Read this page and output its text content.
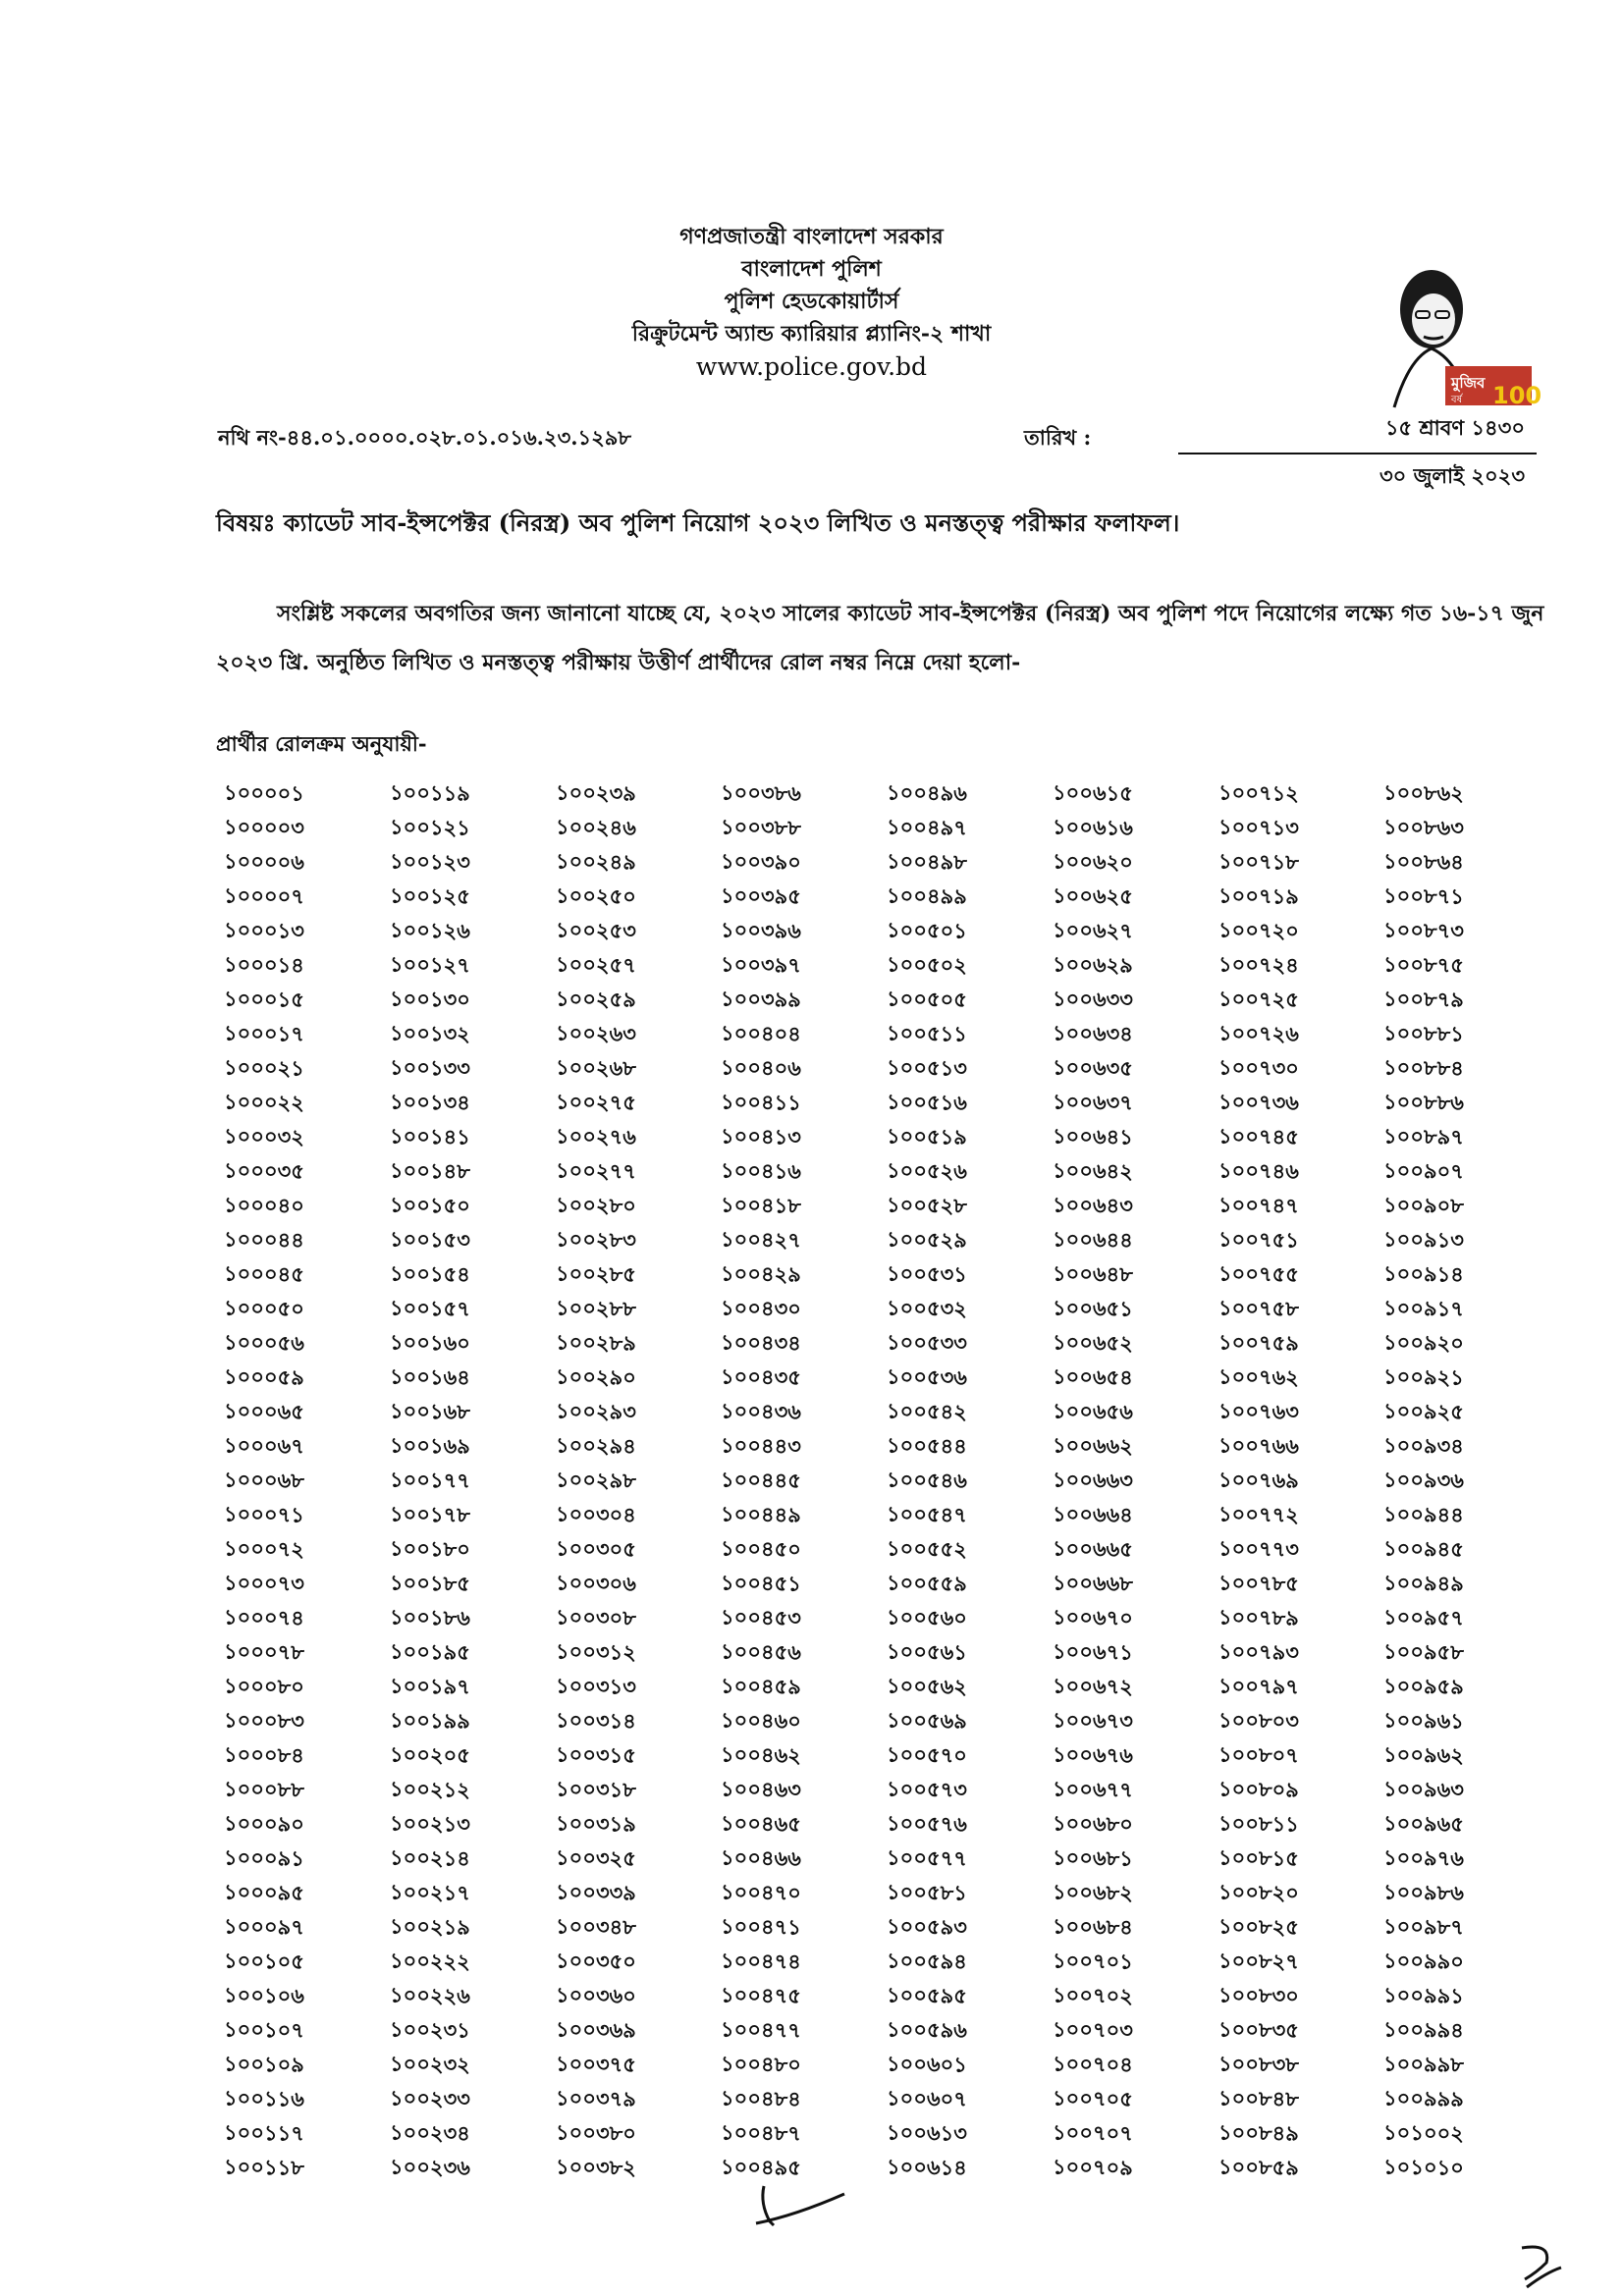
গণপ্রজাতন্ত্রী বাংলাদেশ সরকার
বাংলাদেশ পুলিশ
পুলিশ হেডকোয়ার্টার্স
রিক্রুটমেন্ট অ্যান্ড ক্যারিয়ার প্ল্যানিং-২ শাখা
www.police.gov.bd
মুজিব
বর্ষ 100
নথি নং-৪৪.০১.০০০০.০২৮.০১.০১৬.২৩.১২৯৮	তারিখ :	১৫ শ্রাবণ ১৪৩০
৩০ জুলাই ২০২৩
বিষয়ঃ ক্যাডেট সাব-ইন্সপেক্টর (নিরস্ত্র) অব পুলিশ নিয়োগ ২০২৩ লিখিত ও মনস্তত্ত্ব পরীক্ষার ফলাফল।
সংশ্লিষ্ট সকলের অবগতির জন্য জানানো যাচ্ছে যে, ২০২৩ সালের ক্যাডেট সাব-ইন্সপেক্টর (নিরস্ত্র) অব পুলিশ পদে নিয়োগের লক্ষ্যে গত ১৬-১৭ জুন
২০২৩ খ্রি. অনুষ্ঠিত লিখিত ও মনস্তত্ত্ব পরীক্ষায় উত্তীর্ণ প্রার্থীদের রোল নম্বর নিম্নে দেয়া হলো-
প্রার্থীর রোলক্রম অনুযায়ী-
১০০০০১	১০০১১৯	১০০২৩৯	১০০৩৮৬	১০০৪৯৬	১০০৬১৫	১০০৭১২	১০০৮৬২
১০০০০৩	১০০১২১	১০০২৪৬	১০০৩৮৮	১০০৪৯৭	১০০৬১৬	১০০৭১৩	১০০৮৬৩
১০০০০৬	১০০১২৩	১০০২৪৯	১০০৩৯০	১০০৪৯৮	১০০৬২০	১০০৭১৮	১০০৮৬৪
১০০০০৭	১০০১২৫	১০০২৫০	১০০৩৯৫	১০০৪৯৯	১০০৬২৫	১০০৭১৯	১০০৮৭১
১০০০১৩	১০০১২৬	১০০২৫৩	১০০৩৯৬	১০০৫০১	১০০৬২৭	১০০৭২০	১০০৮৭৩
১০০০১৪	১০০১২৭	১০০২৫৭	১০০৩৯৭	১০০৫০২	১০০৬২৯	১০০৭২৪	১০০৮৭৫
১০০০১৫	১০০১৩০	১০০২৫৯	১০০৩৯৯	১০০৫০৫	১০০৬৩৩	১০০৭২৫	১০০৮৭৯
১০০০১৭	১০০১৩২	১০০২৬৩	১০০৪০৪	১০০৫১১	১০০৬৩৪	১০০৭২৬	১০০৮৮১
১০০০২১	১০০১৩৩	১০০২৬৮	১০০৪০৬	১০০৫১৩	১০০৬৩৫	১০০৭৩০	১০০৮৮৪
১০০০২২	১০০১৩৪	১০০২৭৫	১০০৪১১	১০০৫১৬	১০০৬৩৭	১০০৭৩৬	১০০৮৮৬
১০০০৩২	১০০১৪১	১০০২৭৬	১০০৪১৩	১০০৫১৯	১০০৬৪১	১০০৭৪৫	১০০৮৯৭
১০০০৩৫	১০০১৪৮	১০০২৭৭	১০০৪১৬	১০০৫২৬	১০০৬৪২	১০০৭৪৬	১০০৯০৭
১০০০৪০	১০০১৫০	১০০২৮০	১০০৪১৮	১০০৫২৮	১০০৬৪৩	১০০৭৪৭	১০০৯০৮
১০০০৪৪	১০০১৫৩	১০০২৮৩	১০০৪২৭	১০০৫২৯	১০০৬৪৪	১০০৭৫১	১০০৯১৩
১০০০৪৫	১০০১৫৪	১০০২৮৫	১০০৪২৯	১০০৫৩১	১০০৬৪৮	১০০৭৫৫	১০০৯১৪
১০০০৫০	১০০১৫৭	১০০২৮৮	১০০৪৩০	১০০৫৩২	১০০৬৫১	১০০৭৫৮	১০০৯১৭
১০০০৫৬	১০০১৬০	১০০২৮৯	১০০৪৩৪	১০০৫৩৩	১০০৬৫২	১০০৭৫৯	১০০৯২০
১০০০৫৯	১০০১৬৪	১০০২৯০	১০০৪৩৫	১০০৫৩৬	১০০৬৫৪	১০০৭৬২	১০০৯২১
১০০০৬৫	১০০১৬৮	১০০২৯৩	১০০৪৩৬	১০০৫৪২	১০০৬৫৬	১০০৭৬৩	১০০৯২৫
১০০০৬৭	১০০১৬৯	১০০২৯৪	১০০৪৪৩	১০০৫৪৪	১০০৬৬২	১০০৭৬৬	১০০৯৩৪
১০০০৬৮	১০০১৭৭	১০০২৯৮	১০০৪৪৫	১০০৫৪৬	১০০৬৬৩	১০০৭৬৯	১০০৯৩৬
১০০০৭১	১০০১৭৮	১০০৩০৪	১০০৪৪৯	১০০৫৪৭	১০০৬৬৪	১০০৭৭২	১০০৯৪৪
১০০০৭২	১০০১৮০	১০০৩০৫	১০০৪৫০	১০০৫৫২	১০০৬৬৫	১০০৭৭৩	১০০৯৪৫
১০০০৭৩	১০০১৮৫	১০০৩০৬	১০০৪৫১	১০০৫৫৯	১০০৬৬৮	১০০৭৮৫	১০০৯৪৯
১০০০৭৪	১০০১৮৬	১০০৩০৮	১০০৪৫৩	১০০৫৬০	১০০৬৭০	১০০৭৮৯	১০০৯৫৭
১০০০৭৮	১০০১৯৫	১০০৩১২	১০০৪৫৬	১০০৫৬১	১০০৬৭১	১০০৭৯৩	১০০৯৫৮
১০০০৮০	১০০১৯৭	১০০৩১৩	১০০৪৫৯	১০০৫৬২	১০০৬৭২	১০০৭৯৭	১০০৯৫৯
১০০০৮৩	১০০১৯৯	১০০৩১৪	১০০৪৬০	১০০৫৬৯	১০০৬৭৩	১০০৮০৩	১০০৯৬১
১০০০৮৪	১০০২০৫	১০০৩১৫	১০০৪৬২	১০০৫৭০	১০০৬৭৬	১০০৮০৭	১০০৯৬২
১০০০৮৮	১০০২১২	১০০৩১৮	১০০৪৬৩	১০০৫৭৩	১০০৬৭৭	১০০৮০৯	১০০৯৬৩
১০০০৯০	১০০২১৩	১০০৩১৯	১০০৪৬৫	১০০৫৭৬	১০০৬৮০	১০০৮১১	১০০৯৬৫
১০০০৯১	১০০২১৪	১০০৩২৫	১০০৪৬৬	১০০৫৭৭	১০০৬৮১	১০০৮১৫	১০০৯৭৬
১০০০৯৫	১০০২১৭	১০০৩৩৯	১০০৪৭০	১০০৫৮১	১০০৬৮২	১০০৮২০	১০০৯৮৬
১০০০৯৭	১০০২১৯	১০০৩৪৮	১০০৪৭১	১০০৫৯৩	১০০৬৮৪	১০০৮২৫	১০০৯৮৭
১০০১০৫	১০০২২২	১০০৩৫০	১০০৪৭৪	১০০৫৯৪	১০০৭০১	১০০৮২৭	১০০৯৯০
১০০১০৬	১০০২২৬	১০০৩৬০	১০০৪৭৫	১০০৫৯৫	১০০৭০২	১০০৮৩০	১০০৯৯১
১০০১০৭	১০০২৩১	১০০৩৬৯	১০০৪৭৭	১০০৫৯৬	১০০৭০৩	১০০৮৩৫	১০০৯৯৪
১০০১০৯	১০০২৩২	১০০৩৭৫	১০০৪৮০	১০০৬০১	১০০৭০৪	১০০৮৩৮	১০০৯৯৮
১০০১১৬	১০০২৩৩	১০০৩৭৯	১০০৪৮৪	১০০৬০৭	১০০৭০৫	১০০৮৪৮	১০০৯৯৯
১০০১১৭	১০০২৩৪	১০০৩৮০	১০০৪৮৭	১০০৬১৩	১০০৭০৭	১০০৮৪৯	১০১০০২
১০০১১৮	১০০২৩৬	১০০৩৮২	১০০৪৯৫	১০০৬১৪	১০০৭০৯	১০০৮৫৯	১০১০১০
